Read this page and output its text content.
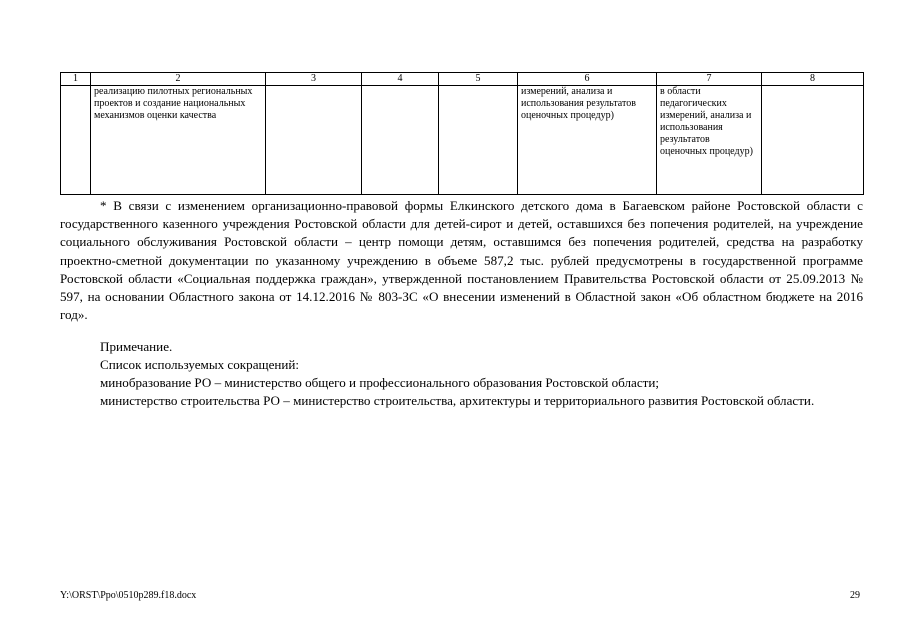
1	2	3	4	5	6	7	8
	реализацию пилотных региональных проектов и создание национальных механизмов оценки качества				измерений, анализа и использования результатов оценочных процедур)	в области педагогических измерений, анализа и использования результатов оценочных процедур)	
* В связи с изменением организационно-правовой формы Елкинского детского дома в Багаевском районе Ростовской области с государственного казенного учреждения Ростовской области для детей-сирот и детей, оставшихся без попечения родителей, на учреждение социального обслуживания Ростовской области – центр помощи детям, оставшимся без попечения родителей, средства на разработку проектно-сметной документации по указанному учреждению в объеме 587,2 тыс. рублей предусмотрены в государственной программе Ростовской области «Социальная поддержка граждан», утвержденной постановлением Правительства Ростовской области от 25.09.2013 № 597, на основании Областного закона от 14.12.2016 № 803-ЗС «О внесении изменений в Областной закон «Об областном бюджете на 2016 год».
Примечание.
Список используемых сокращений:
минобразование РО – министерство общего и профессионального образования Ростовской области;
министерство строительства РО – министерство строительства, архитектуры и территориального развития Ростовской области.
Y:\ORST\Ppo\0510p289.f18.docx	29
